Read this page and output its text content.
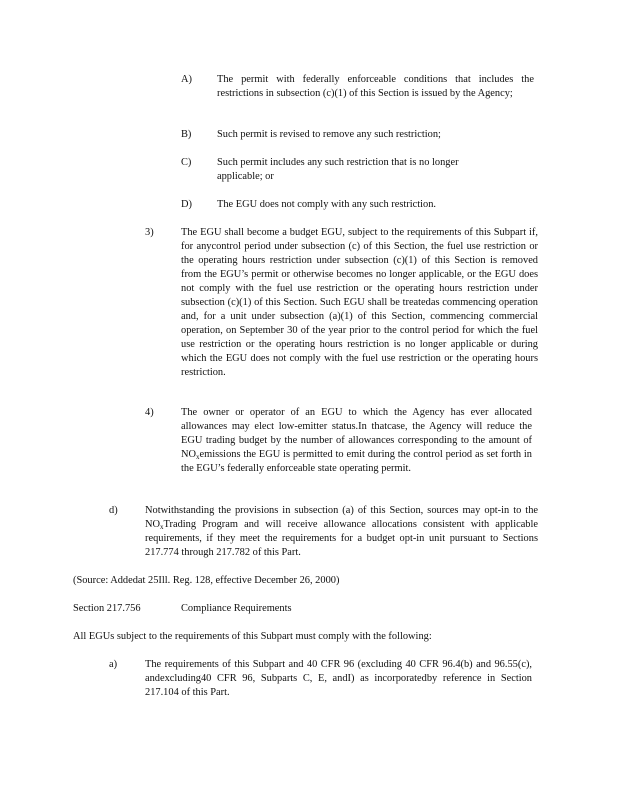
A) The permit with federally enforceable conditions that includes the restrictions in subsection (c)(1) of this Section is issued by the Agency;
B) Such permit is revised to remove any such restriction;
C) Such permit includes any such restriction that is no longer applicable; or
D) The EGU does not comply with any such restriction.
3)	The EGU shall become a budget EGU, subject to the requirements of this Subpart if, for anycontrol period under subsection (c) of this Section, the fuel use restriction or the operating hours restriction under subsection (c)(1) of this Section is removed from the EGU’s permit or otherwise becomes no longer applicable, or the EGU does not comply with the fuel use restriction or the operating hours restriction under subsection (c)(1) of this Section. Such EGU shall be treatedas commencing operation and, for a unit under subsection (a)(1) of this Section, commencing commercial operation, on September 30 of the year prior to the control period for which the fuel use restriction or the operating hours restriction is no longer applicable or during which the EGU does not comply with the fuel use restriction or the operating hours restriction.
4)	The owner or operator of an EGU to which the Agency has ever allocated allowances may elect low-emitter status.In thatcase, the Agency will reduce the EGU trading budget by the number of allowances corresponding to the amount of $NO_xemissions$ the EGU is permitted to emit during the control period as set forth in the EGU’s federally enforceable state operating permit.
d)	Notwithstanding the provisions in subsection (a) of this Section, sources may opt-in to the $NO_xTrading$ Program and will receive allowance allocations consistent with applicable requirements, if they meet the requirements for a budget opt-in unit pursuant to Sections 217.774 through 217.782 of this Part.
(Source: Addedat 25Ill. Reg. 128, effective December 26, 2000)
Section 217.756	Compliance Requirements
All EGUs subject to the requirements of this Subpart must comply with the following:
a)	The requirements of this Subpart and 40 CFR 96 (excluding 40 CFR 96.4(b) and 96.55(c), andexcluding40 CFR 96, Subparts C, E, andI) as incorporatedby reference in Section 217.104 of this Part.
